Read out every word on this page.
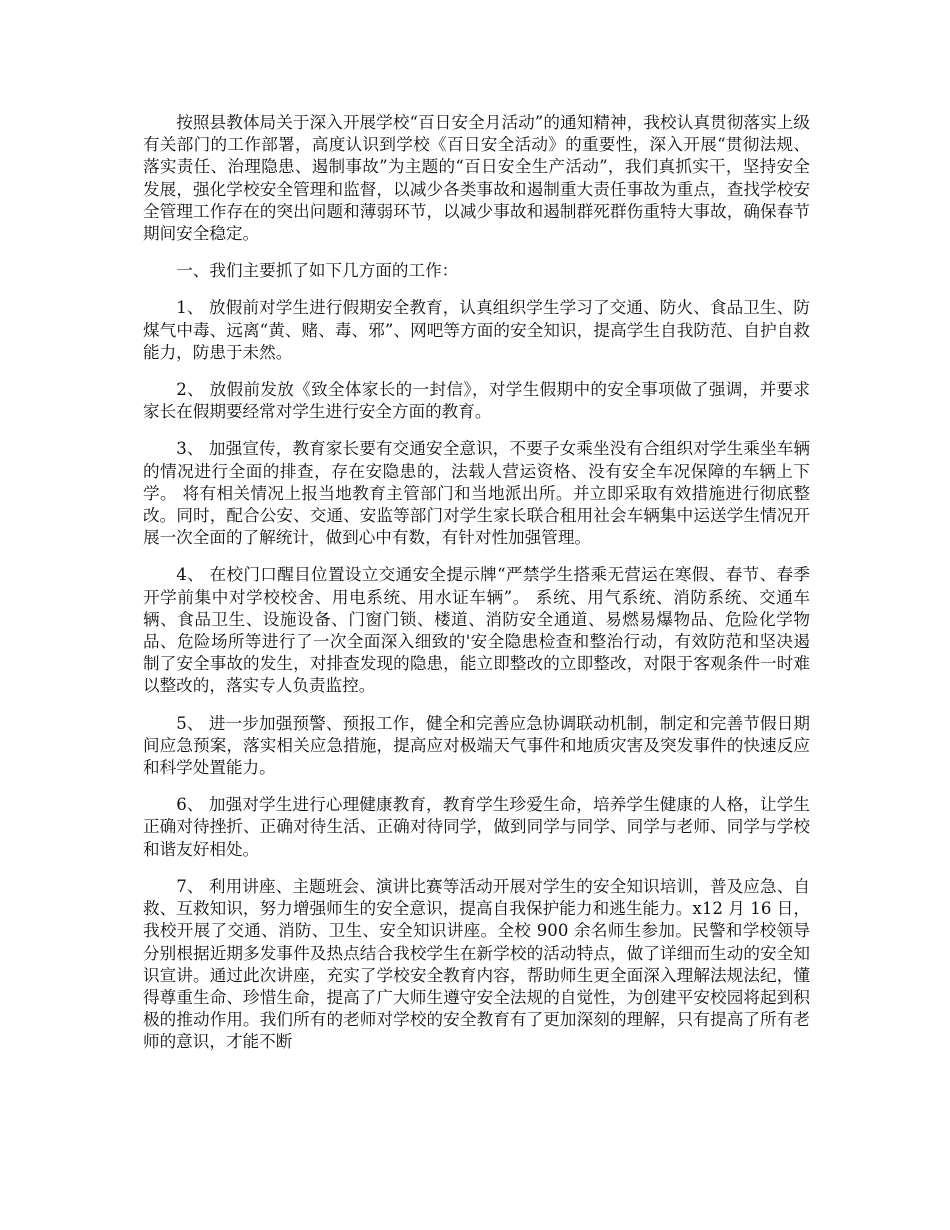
按照县教体局关于深入开展学校“百日安全月活动”的通知精神，我校认真贯彻落实上级有关部门的工作部署，高度认识到学校《百日安全活动》的重要性，深入开展“贯彻法规、落实责任、治理隐患、遏制事故”为主题的“百日安全生产活动”，我们真抓实干，坚持安全发展，强化学校安全管理和监督，以减少各类事故和遏制重大责任事故为重点，查找学校安全管理工作存在的突出问题和薄弱环节，以减少事故和遏制群死群伤重特大事故，确保春节期间安全稳定。

一、我们主要抓了如下几方面的工作：

1、 放假前对学生进行假期安全教育，认真组织学生学习了交通、防火、食品卫生、防煤气中毒、远离“黄、赌、毒、邪”、网吧等方面的安全知识，提高学生自我防范、自护自救能力，防患于未然。

2、 放假前发放《致全体家长的一封信》，对学生假期中的安全事项做了强调，并要求家长在假期要经常对学生进行安全方面的教育。

3、 加强宣传，教育家长要有交通安全意识，不要子女乘坐没有合组织对学生乘坐车辆的情况进行全面的排查，存在安隐患的，法载人营运资格、没有安全车况保障的车辆上下学。 将有相关情况上报当地教育主管部门和当地派出所。并立即采取有效措施进行彻底整改。同时，配合公安、交通、安监等部门对学生家长联合租用社会车辆集中运送学生情况开展一次全面的了解统计，做到心中有数，有针对性加强管理。

4、 在校门口醒目位置设立交通安全提示牌“严禁学生搭乘无营运在寒假、春节、春季开学前集中对学校校舍、用电系统、用水证车辆”。 系统、用气系统、消防系统、交通车辆、食品卫生、设施设备、门窗门锁、楼道、消防安全通道、易燃易爆物品、危险化学物品、危险场所等进行了一次全面深入细致的'安全隐患检查和整治行动，有效防范和坚决遏制了安全事故的发生，对排查发现的隐患，能立即整改的立即整改，对限于客观条件一时难以整改的，落实专人负责监控。

5、 进一步加强预警、预报工作，健全和完善应急协调联动机制，制定和完善节假日期间应急预案，落实相关应急措施，提高应对极端天气事件和地质灾害及突发事件的快速反应和科学处置能力。

6、 加强对学生进行心理健康教育，教育学生珍爱生命，培养学生健康的人格，让学生正确对待挫折、正确对待生活、正确对待同学，做到同学与同学、同学与老师、同学与学校和谐友好相处。

7、 利用讲座、主题班会、演讲比赛等活动开展对学生的安全知识培训，普及应急、自救、互救知识，努力增强师生的安全意识，提高自我保护能力和逃生能力。x12 月 16 日，我校开展了交通、消防、卫生、安全知识讲座。全校 900 余名师生参加。民警和学校领导分别根据近期多发事件及热点结合我校学生在新学校的活动特点，做了详细而生动的安全知识宣讲。通过此次讲座，充实了学校安全教育内容，帮助师生更全面深入理解法规法纪，懂得尊重生命、珍惜生命，提高了广大师生遵守安全法规的自觉性，为创建平安校园将起到积极的推动作用。我们所有的老师对学校的安全教育有了更加深刻的理解，只有提高了所有老师的意识，才能不断
